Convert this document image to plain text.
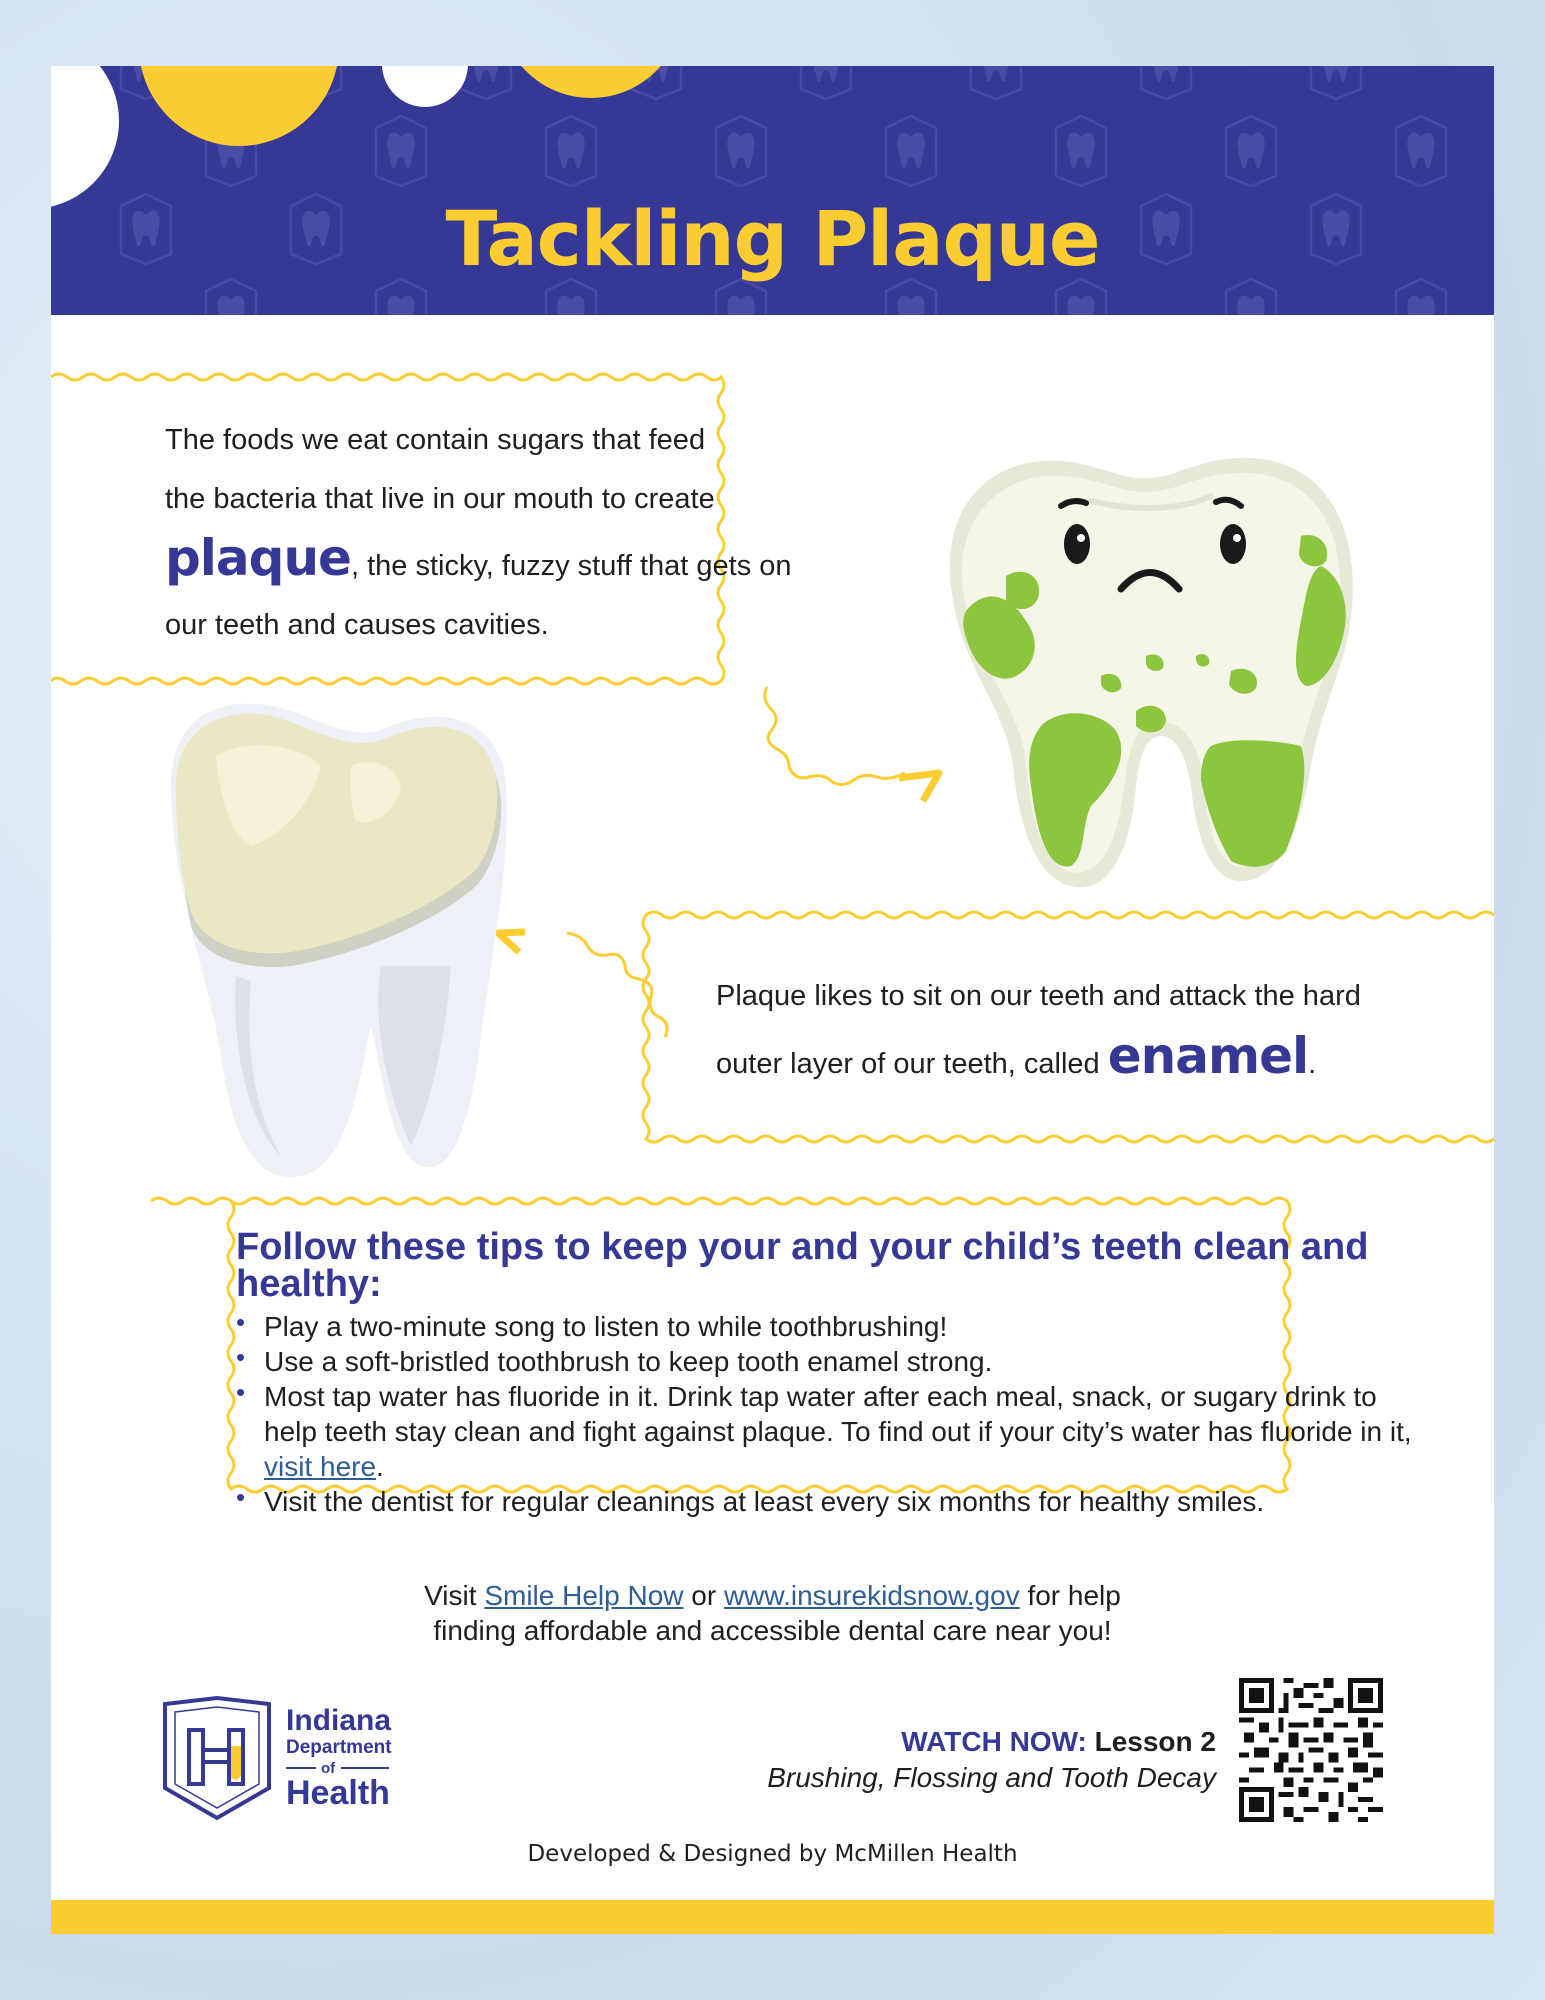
Tackling Plaque
The foods we eat contain sugars that feed
the bacteria that live in our mouth to create
plaque, the sticky, fuzzy stuff that gets on
our teeth and causes cavities.
Plaque likes to sit on our teeth and attack the hard
outer layer of our teeth, called enamel.
Follow these tips to keep your and your child’s teeth clean and healthy:
• Play a two-minute song to listen to while toothbrushing!
• Use a soft-bristled toothbrush to keep tooth enamel strong.
• Most tap water has fluoride in it. Drink tap water after each meal, snack, or sugary drink to help teeth stay clean and fight against plaque. To find out if your city’s water has fluoride in it, visit here.
• Visit the dentist for regular cleanings at least every six months for healthy smiles.
Visit Smile Help Now or www.insurekidsnow.gov for help
finding affordable and accessible dental care near you!
Indiana
Department
of
Health
WATCH NOW: Lesson 2
Brushing, Flossing and Tooth Decay
Developed & Designed by McMillen Health
